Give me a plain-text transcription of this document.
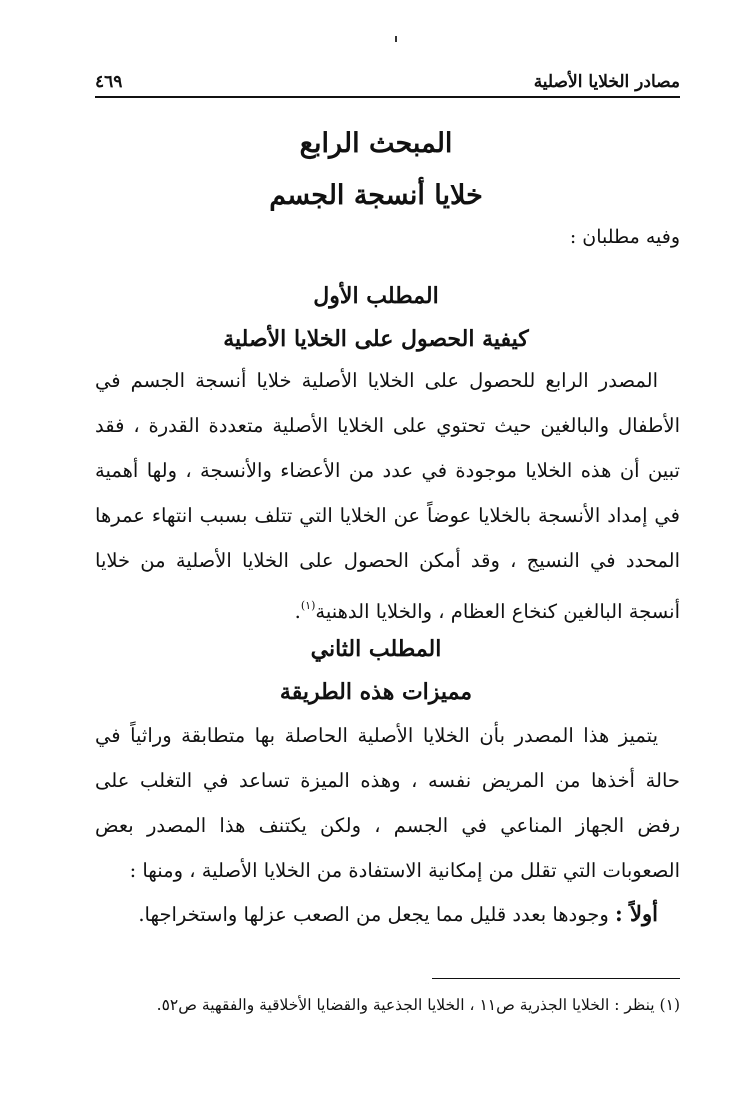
مصادر الخلايا الأصلية
٤٦٩
المبحث الرابع
خلايا أنسجة الجسم
وفيه مطلبان :
المطلب الأول
كيفية الحصول على الخلايا الأصلية

المصدر الرابع للحصول على الخلايا الأصلية خلايا أنسجة الجسم في الأطفال والبالغين حيث تحتوي على الخلايا الأصلية متعددة القدرة ، فقد تبين أن هذه الخلايا موجودة في عدد من الأعضاء والأنسجة ، ولها أهمية في إمداد الأنسجة بالخلايا عوضاً عن الخلايا التي تتلف بسبب انتهاء عمرها المحدد في النسيج ، وقد أمكن الحصول على الخلايا الأصلية من خلايا أنسجة البالغين كنخاع العظام ، والخلايا الدهنية$^{(١)}$.

المطلب الثاني
مميزات هذه الطريقة

يتميز هذا المصدر بأن الخلايا الأصلية الحاصلة بها متطابقة وراثياً في حالة أخذها من المريض نفسه ، وهذه الميزة تساعد في التغلب على رفض الجهاز المناعي في الجسم ، ولكن يكتنف هذا المصدر بعض الصعوبات التي تقلل من إمكانية الاستفادة من الخلايا الأصلية ، ومنها :

أولاً : وجودها بعدد قليل مما يجعل من الصعب عزلها واستخراجها.

(١) ينظر : الخلايا الجذرية ص١١ ، الخلايا الجذعية والقضايا الأخلاقية والفقهية ص٥٢.
